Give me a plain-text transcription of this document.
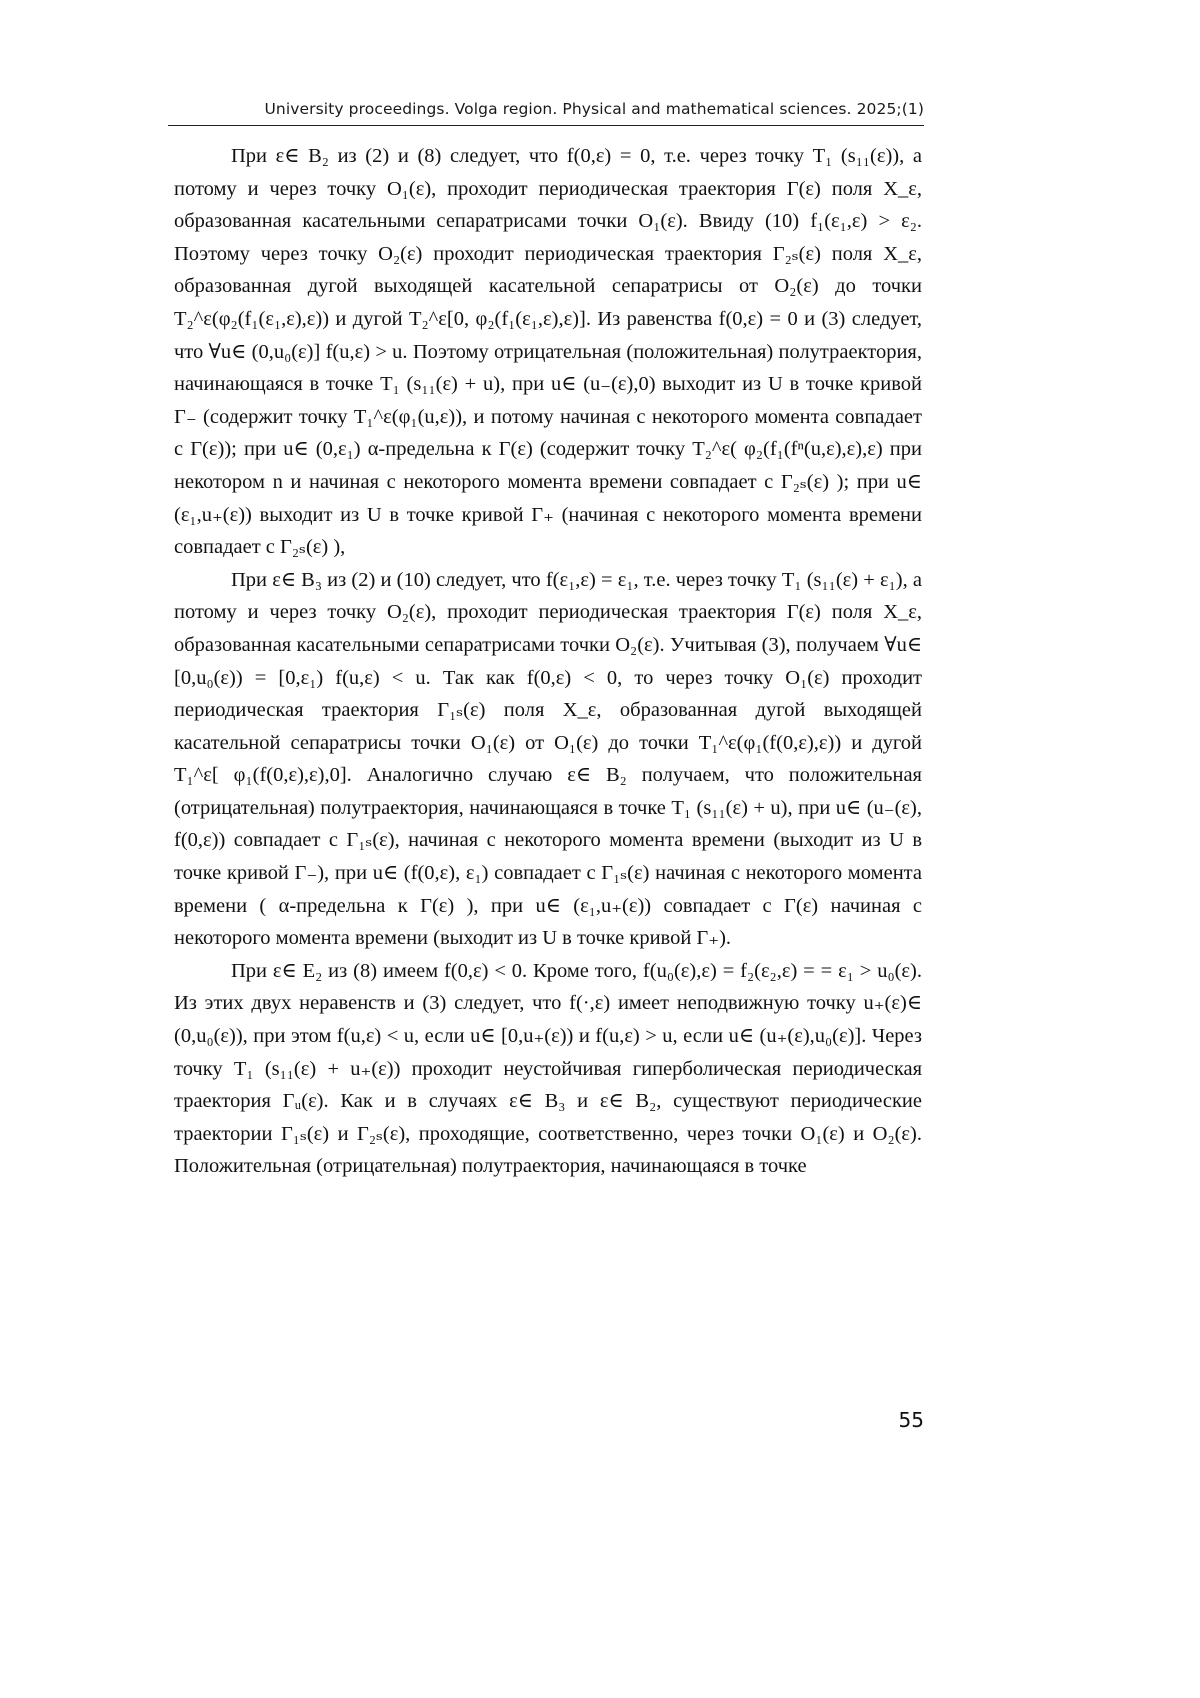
University proceedings. Volga region. Physical and mathematical sciences. 2025;(1)

При ε∈ B₂ из (2) и (8) следует, что f(0,ε) = 0, т.е. через точку T₁ (s₁₁(ε)), а потому и через точку O₁(ε), проходит периодическая траектория Γ(ε) поля X_ε, образованная касательными сепаратрисами точки O₁(ε). Ввиду (10) f₁(ε₁,ε) > ε₂. Поэтому через точку O₂(ε) проходит периодическая траектория Γ₂ₛ(ε) поля X_ε, образованная дугой выходящей касательной сепаратрисы от O₂(ε) до точки T₂^ε(φ₂(f₁(ε₁,ε),ε)) и дугой T₂^ε[0, φ₂(f₁(ε₁,ε),ε)]. Из равенства f(0,ε) = 0 и (3) следует, что ∀u∈ (0,u₀(ε)] f(u,ε) > u. Поэтому отрицательная (положительная) полутраектория, начинающаяся в точке T₁ (s₁₁(ε) + u), при u∈ (u₋(ε),0) выходит из U в точке кривой Γ₋ (содержит точку T₁^ε(φ₁(u,ε)), и потому начиная с некоторого момента совпадает с Γ(ε)); при u∈ (0,ε₁) α-предельна к Γ(ε) (содержит точку T₂^ε( φ₂(f₁(fⁿ(u,ε),ε),ε) при некотором n и начиная с некоторого момента времени совпадает с Γ₂ₛ(ε) ); при u∈ (ε₁,u₊(ε)) выходит из U в точке кривой Γ₊ (начиная с некоторого момента времени совпадает с Γ₂ₛ(ε) ),

При ε∈ B₃ из (2) и (10) следует, что f(ε₁,ε) = ε₁, т.е. через точку T₁ (s₁₁(ε) + ε₁), а потому и через точку O₂(ε), проходит периодическая траектория Γ(ε) поля X_ε, образованная касательными сепаратрисами точки O₂(ε). Учитывая (3), получаем ∀u∈ [0,u₀(ε)) = [0,ε₁) f(u,ε) < u. Так как f(0,ε) < 0, то через точку O₁(ε) проходит периодическая траектория Γ₁ₛ(ε) поля X_ε, образованная дугой выходящей касательной сепаратрисы точки O₁(ε) от O₁(ε) до точки T₁^ε(φ₁(f(0,ε),ε)) и дугой T₁^ε[ φ₁(f(0,ε),ε),0]. Аналогично случаю ε∈ B₂ получаем, что положительная (отрицательная) полутраектория, начинающаяся в точке T₁ (s₁₁(ε) + u), при u∈ (u₋(ε), f(0,ε)) совпадает с Γ₁ₛ(ε), начиная с некоторого момента времени (выходит из U в точке кривой Γ₋), при u∈ (f(0,ε), ε₁) совпадает с Γ₁ₛ(ε) начиная с некоторого момента времени ( α-предельна к Γ(ε) ), при u∈ (ε₁,u₊(ε)) совпадает с Γ(ε) начиная с некоторого момента времени (выходит из U в точке кривой Γ₊).

При ε∈ E₂ из (8) имеем f(0,ε) < 0. Кроме того, f(u₀(ε),ε) = f₂(ε₂,ε) = = ε₁ > u₀(ε). Из этих двух неравенств и (3) следует, что f(·,ε) имеет неподвижную точку u₊(ε)∈ (0,u₀(ε)), при этом f(u,ε) < u, если u∈ [0,u₊(ε)) и f(u,ε) > u, если u∈ (u₊(ε),u₀(ε)]. Через точку T₁ (s₁₁(ε) + u₊(ε)) проходит неустойчивая гиперболическая периодическая траектория Γᵤ(ε). Как и в случаях ε∈ B₃ и ε∈ B₂, существуют периодические траектории Γ₁ₛ(ε) и Γ₂ₛ(ε), проходящие, соответственно, через точки O₁(ε) и O₂(ε). Положительная (отрицательная) полутраектория, начинающаяся в точке

55
